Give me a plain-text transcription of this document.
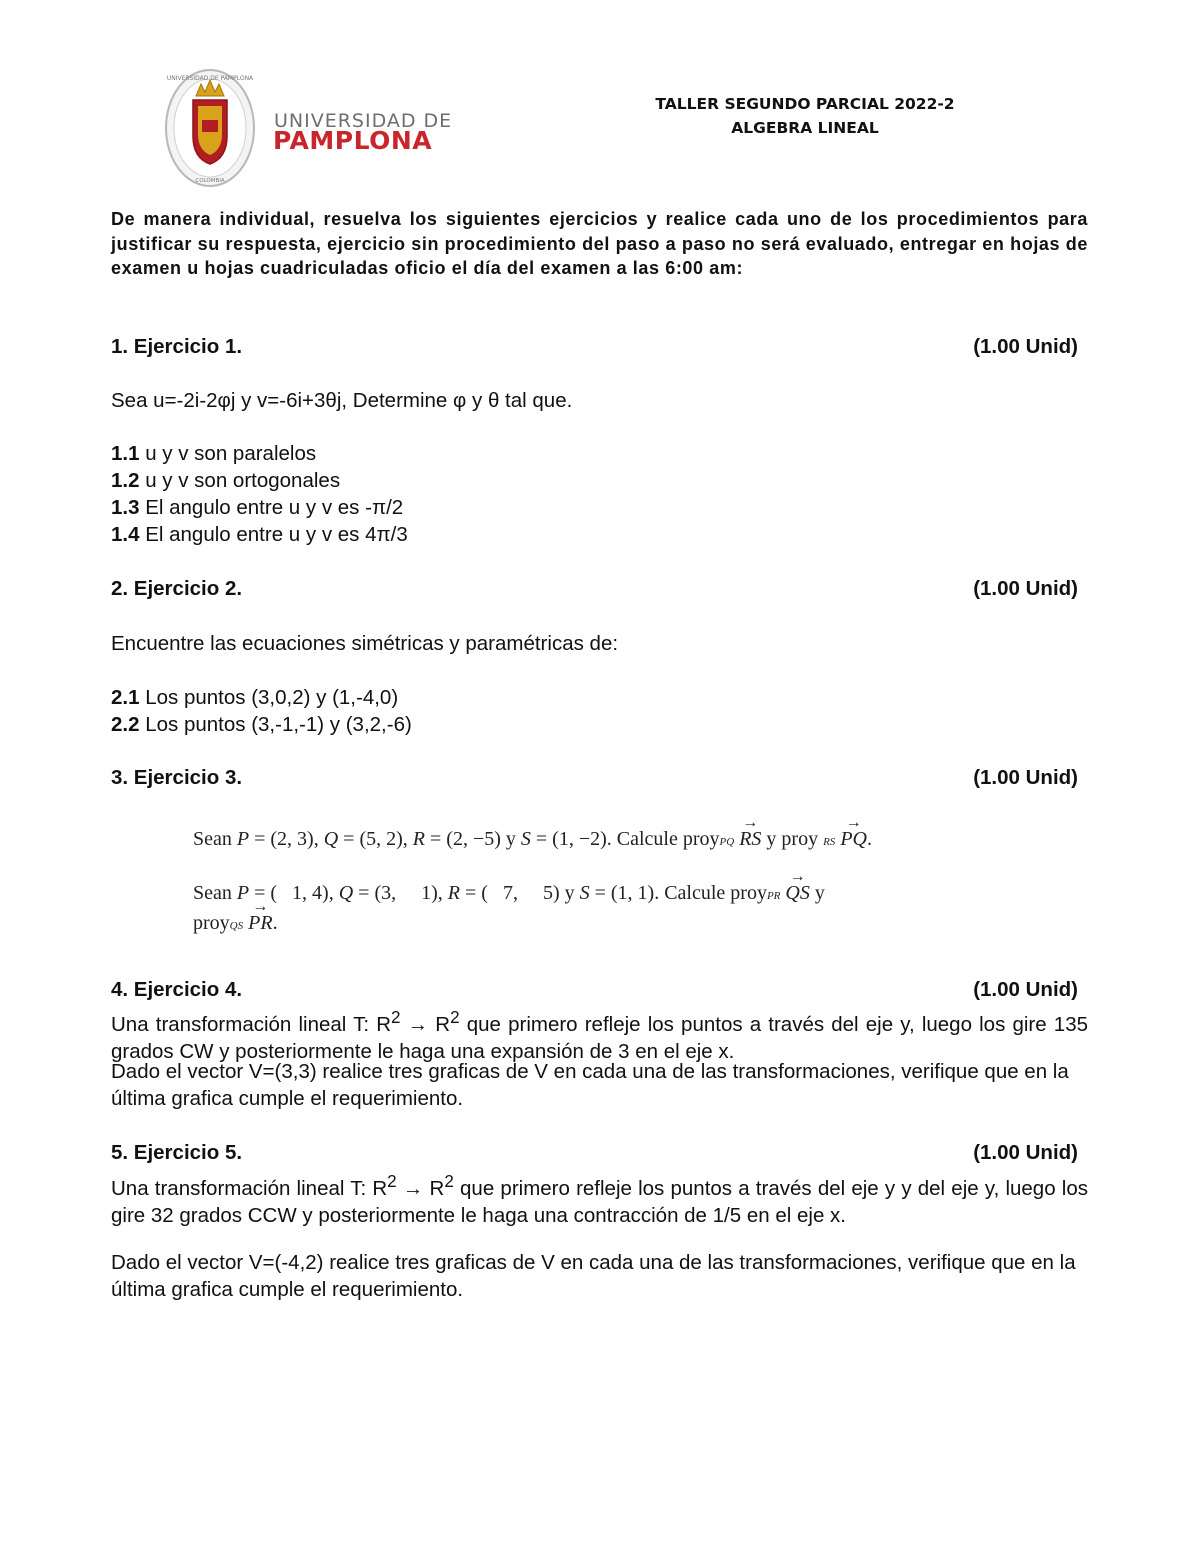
UNIVERSIDAD DE PAMPLONA
COLOMBIA
UNIVERSIDAD DE
PAMPLONA
TALLER SEGUNDO PARCIAL 2022-2
ALGEBRA LINEAL
De manera individual, resuelva los siguientes ejercicios y realice cada uno de los procedimientos para justificar su respuesta, ejercicio sin procedimiento del paso a paso no será evaluado, entregar en hojas de examen u hojas cuadriculadas oficio el día del examen a las 6:00 am:
1. Ejercicio 1.	(1.00 Unid)
Sea u=-2i-2φj y v=-6i+3θj, Determine φ y θ tal que.
1.1 u y v son paralelos
1.2 u y v son ortogonales
1.3 El angulo entre u y v es -π/2
1.4 El angulo entre u y v es 4π/3
2. Ejercicio 2.	(1.00 Unid)
Encuentre las ecuaciones simétricas y paramétricas de:
2.1 Los puntos (3,0,2) y (1,-4,0)
2.2 Los puntos (3,-1,-1) y (3,2,-6)
3. Ejercicio 3.	(1.00 Unid)
Sean P = (2, 3), Q = (5, 2), R = (2, −5) y S = (1, −2). Calcule proyPQ → RS y proy RS → PQ.
Sean P = (   1, 4), Q = (3,     1), R = (   7,     5) y S = (1, 1). Calcule proyPR → QS y
proyQS → PR.
4. Ejercicio 4.	(1.00 Unid)
Una transformación lineal T: $R^2 \to R^2$ que primero refleje los puntos a través del eje y, luego los gire 135 grados CW y posteriormente le haga una expansión de 3 en el eje x.
Dado el vector V=(3,3) realice tres graficas de V en cada una de las transformaciones, verifique que en la última grafica cumple el requerimiento.
5. Ejercicio 5.	(1.00 Unid)
Una transformación lineal T: $R^2 \to R^2$ que primero refleje los puntos a través del eje y y del eje y, luego los gire 32 grados CCW y posteriormente le haga una contracción de 1/5 en el eje x.
Dado el vector V=(-4,2) realice tres graficas de V en cada una de las transformaciones, verifique que en la última grafica cumple el requerimiento.
